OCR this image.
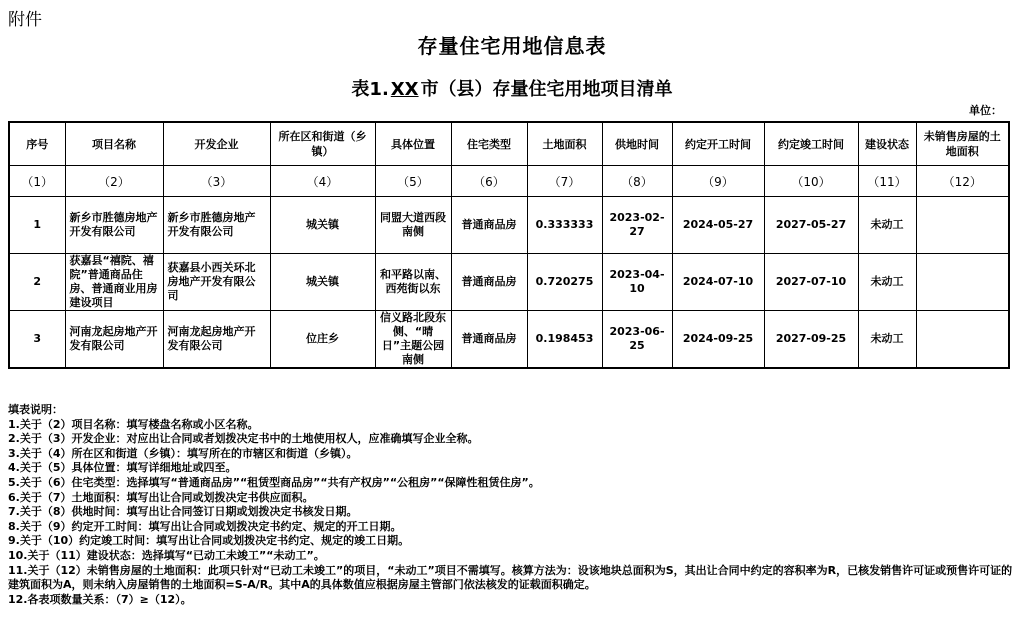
附件
存量住宅用地信息表
表1. XX 市（县）存量住宅用地项目清单
单位：
序号	项目名称	开发企业	所在区和街道（乡镇）	具体位置	住宅类型	土地面积	供地时间	约定开工时间	约定竣工时间	建设状态	未销售房屋的土地面积
（1）	（2）	（3）	（4）	（5）	（6）	（7）	（8）	（9）	（10）	（11）	（12）
1	新乡市胜德房地产开发有限公司	新乡市胜德房地产开发有限公司	城关镇	同盟大道西段南侧	普通商品房	0.333333	2023-02-27	2024-05-27	2027-05-27	未动工	
2	获嘉县“禧院、禧院”普通商品住房、普通商业用房建设项目	获嘉县小西关环北房地产开发有限公司	城关镇	和平路以南、西苑街以东	普通商品房	0.720275	2023-04-10	2024-07-10	2027-07-10	未动工	
3	河南龙起房地产开发有限公司	河南龙起房地产开发有限公司	位庄乡	信义路北段东侧、“晴日”主题公园南侧	普通商品房	0.198453	2023-06-25	2024-09-25	2027-09-25	未动工	
填表说明：
1.关于（2）项目名称：填写楼盘名称或小区名称。
2.关于（3）开发企业：对应出让合同或者划拨决定书中的土地使用权人，应准确填写企业全称。
3.关于（4）所在区和街道（乡镇）：填写所在的市辖区和街道（乡镇）。
4.关于（5）具体位置：填写详细地址或四至。
5.关于（6）住宅类型：选择填写“普通商品房”“租赁型商品房”“共有产权房”“公租房”“保障性租赁住房”。
6.关于（7）土地面积：填写出让合同或划拨决定书供应面积。
7.关于（8）供地时间：填写出让合同签订日期或划拨决定书核发日期。
8.关于（9）约定开工时间：填写出让合同或划拨决定书约定、规定的开工日期。
9.关于（10）约定竣工时间：填写出让合同或划拨决定书约定、规定的竣工日期。
10.关于（11）建设状态：选择填写“已动工未竣工”“未动工”。
11.关于（12）未销售房屋的土地面积：此项只针对“已动工未竣工”的项目，“未动工”项目不需填写。核算方法为：设该地块总面积为S，其出让合同中约定的容积率为R，已核发销售许可证或预售许可证的建筑面积为A，则未纳入房屋销售的土地面积=S-A/R。其中A的具体数值应根据房屋主管部门依法核发的证载面积确定。
12.各表项数量关系：（7）≥（12）。
